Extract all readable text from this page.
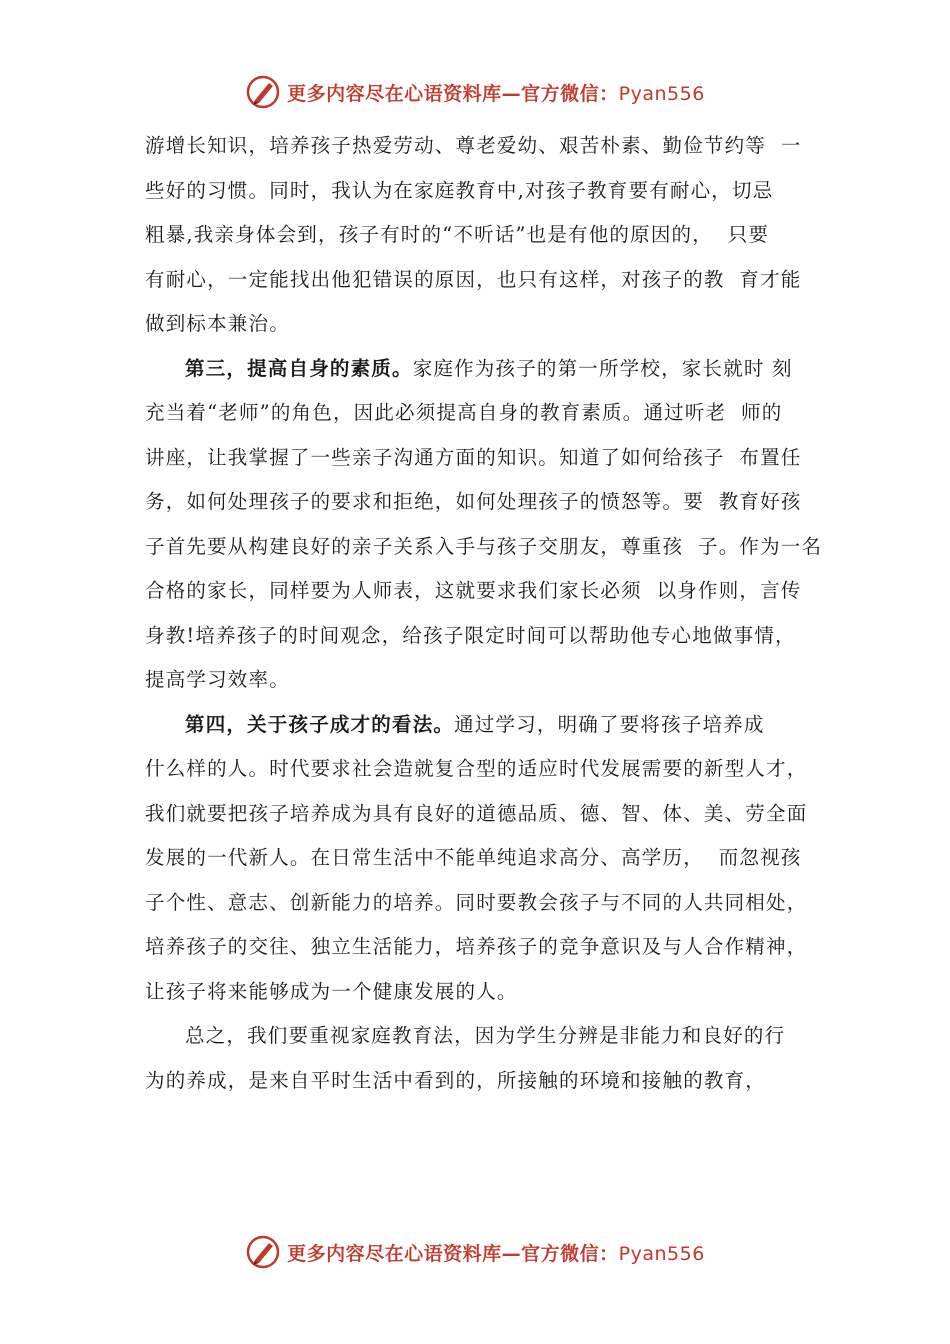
更多内容尽在心语资料库—官方微信：Pyan556
游增长知识，培养孩子热爱劳动、尊老爱幼、艰苦朴素、勤俭节约等  一
些好的习惯。同时，我认为在家庭教育中,对孩子教育要有耐心，切忌
粗暴,我亲身体会到，孩子有时的“不听话”也是有他的原因的，  只要
有耐心，一定能找出他犯错误的原因，也只有这样，对孩子的教  育才能
做到标本兼治。
第三，提高自身的素质。家庭作为孩子的第一所学校，家长就时 刻
充当着“老师”的角色，因此必须提高自身的教育素质。通过听老  师的
讲座，让我掌握了一些亲子沟通方面的知识。知道了如何给孩子  布置任
务，如何处理孩子的要求和拒绝，如何处理孩子的愤怒等。要  教育好孩
子首先要从构建良好的亲子关系入手与孩子交朋友，尊重孩  子。作为一名
合格的家长，同样要为人师表，这就要求我们家长必须  以身作则，言传
身教!培养孩子的时间观念，给孩子限定时间可以帮助他专心地做事情，
提高学习效率。
第四，关于孩子成才的看法。通过学习，明确了要将孩子培养成
什么样的人。时代要求社会造就复合型的适应时代发展需要的新型人才，
我们就要把孩子培养成为具有良好的道德品质、德、智、体、美、劳全面
发展的一代新人。在日常生活中不能单纯追求高分、高学历，  而忽视孩
子个性、意志、创新能力的培养。同时要教会孩子与不同的人共同相处，
培养孩子的交往、独立生活能力，培养孩子的竞争意识及与人合作精神，
让孩子将来能够成为一个健康发展的人。
总之，我们要重视家庭教育法，因为学生分辨是非能力和良好的行
为的养成，是来自平时生活中看到的，所接触的环境和接触的教育，
更多内容尽在心语资料库—官方微信：Pyan556
